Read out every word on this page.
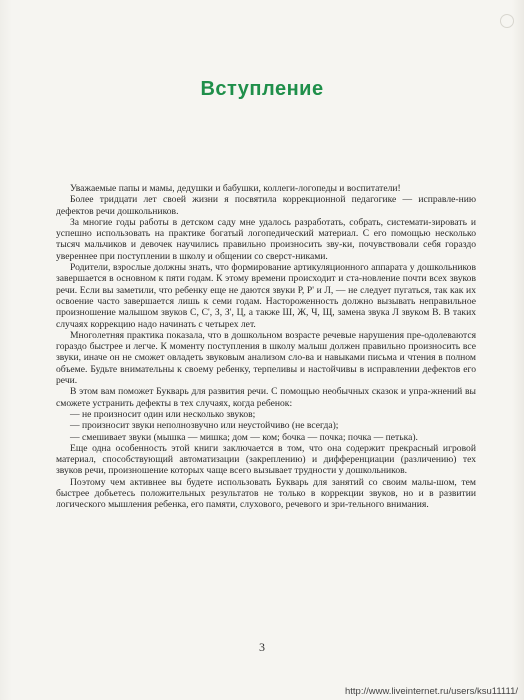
Вступление

Уважаемые папы и мамы, дедушки и бабушки, коллеги-логопеды и воспитатели!

Более тридцати лет своей жизни я посвятила коррекционной педагогике — исправле-нию дефектов речи дошкольников.

За многие годы работы в детском саду мне удалось разработать, собрать, системати-зировать и успешно использовать на практике богатый логопедический материал. С его помощью несколько тысяч мальчиков и девочек научились правильно произносить зву-ки, почувствовали себя гораздо увереннее при поступлении в школу и общении со сверст-никами.

Родители, взрослые должны знать, что формирование артикуляционного аппарата у дошкольников завершается в основном к пяти годам. К этому времени происходит и ста-новление почти всех звуков речи. Если вы заметили, что ребенку еще не даются звуки Р, Р' и Л, — не следует пугаться, так как их освоение часто завершается лишь к семи годам. Настороженность должно вызывать неправильное произношение малышом звуков С, С', З, З', Ц, а также Ш, Ж, Ч, Щ, замена звука Л звуком В. В таких случаях коррекцию надо начинать с четырех лет.

Многолетняя практика показала, что в дошкольном возрасте речевые нарушения пре-одолеваются гораздо быстрее и легче. К моменту поступления в школу малыш должен правильно произносить все звуки, иначе он не сможет овладеть звуковым анализом сло-ва и навыками письма и чтения в полном объеме. Будьте внимательны к своему ребенку, терпеливы и настойчивы в исправлении дефектов его речи.

В этом вам поможет Букварь для развития речи. С помощью необычных сказок и упра-жнений вы сможете устранить дефекты в тех случаях, когда ребенок:

— не произносит один или несколько звуков;
— произносит звуки неполнозвучно или неустойчиво (не всегда);
— смешивает звуки (мышка — мишка; дом — ком; бочка — почка; почка — петька).

Еще одна особенность этой книги заключается в том, что она содержит прекрасный игровой материал, способствующий автоматизации (закреплению) и дифференциации (различению) тех звуков речи, произношение которых чаще всего вызывает трудности у дошкольников.

Поэтому чем активнее вы будете использовать Букварь для занятий со своим малы-шом, тем быстрее добьетесь положительных результатов не только в коррекции звуков, но и в развитии логического мышления ребенка, его памяти, слухового, речевого и зри-тельного внимания.

3
http://www.liveinternet.ru/users/ksu11111/
